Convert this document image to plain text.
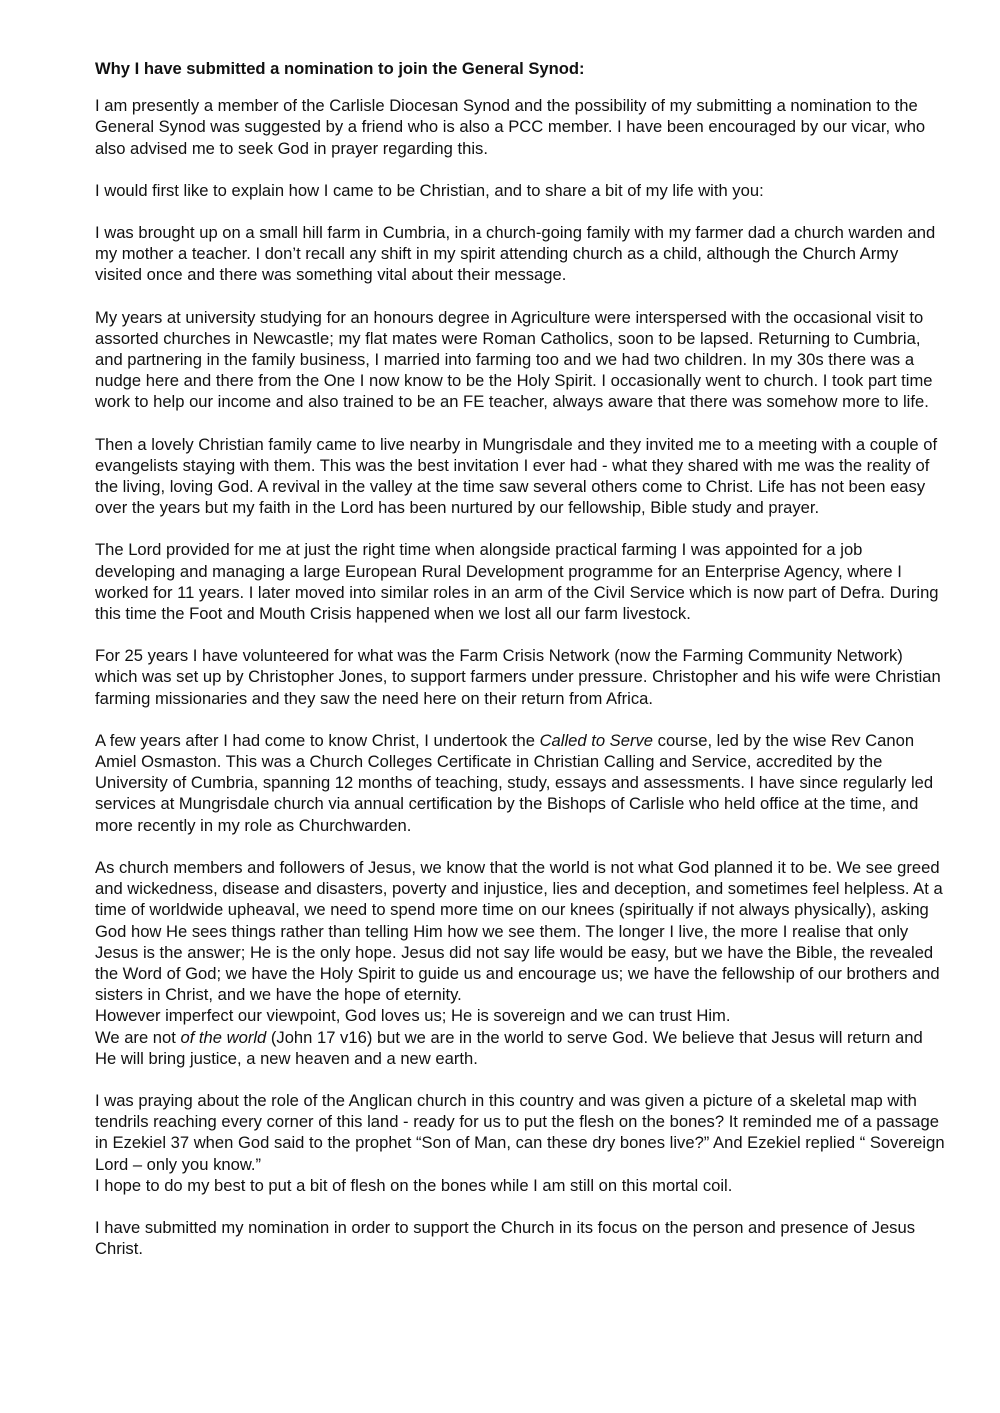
Why I have submitted a nomination to join the General Synod:

I am presently a member of the Carlisle Diocesan Synod and the possibility of my submitting a nomination to the General Synod was suggested by a friend who is also a PCC member. I have been encouraged by our vicar, who also advised me to seek God in prayer regarding this.

I would first like to explain how I came to be Christian, and to share a bit of my life with you:

I was brought up on a small hill farm in Cumbria, in a church-going family with my farmer dad a church warden and my mother a teacher. I don’t recall any shift in my spirit attending church as a child, although the Church Army visited once and there was something vital about their message.

My years at university studying for an honours degree in Agriculture were interspersed with the occasional visit to assorted churches in Newcastle; my flat mates were Roman Catholics, soon to be lapsed. Returning to Cumbria, and partnering in the family business, I married into farming too and we had two children. In my 30s there was a nudge here and there from the One I now know to be the Holy Spirit. I occasionally went to church. I took part time work to help our income and also trained to be an FE teacher, always aware that there was somehow more to life.

Then a lovely Christian family came to live nearby in Mungrisdale and they invited me to a meeting with a couple of evangelists staying with them. This was the best invitation I ever had - what they shared with me was the reality of the living, loving God. A revival in the valley at the time saw several others come to Christ. Life has not been easy over the years but my faith in the Lord has been nurtured by our fellowship, Bible study and prayer.

The Lord provided for me at just the right time when alongside practical farming I was appointed for a job developing and managing a large European Rural Development programme for an Enterprise Agency, where I worked for 11 years. I later moved into similar roles in an arm of the Civil Service which is now part of Defra. During this time the Foot and Mouth Crisis happened when we lost all our farm livestock.

For 25 years I have volunteered for what was the Farm Crisis Network (now the Farming Community Network) which was set up by Christopher Jones, to support farmers under pressure. Christopher and his wife were Christian farming missionaries and they saw the need here on their return from Africa.

A few years after I had come to know Christ, I undertook the Called to Serve course, led by the wise Rev Canon Amiel Osmaston. This was a Church Colleges Certificate in Christian Calling and Service, accredited by the University of Cumbria, spanning 12 months of teaching, study, essays and assessments. I have since regularly led services at Mungrisdale church via annual certification by the Bishops of Carlisle who held office at the time, and more recently in my role as Churchwarden.

As church members and followers of Jesus, we know that the world is not what God planned it to be. We see greed and wickedness, disease and disasters, poverty and injustice, lies and deception, and sometimes feel helpless. At a time of worldwide upheaval, we need to spend more time on our knees (spiritually if not always physically), asking God how He sees things rather than telling Him how we see them. The longer I live, the more I realise that only Jesus is the answer; He is the only hope. Jesus did not say life would be easy, but we have the Bible, the revealed the Word of God; we have the Holy Spirit to guide us and encourage us; we have the fellowship of our brothers and sisters in Christ, and we have the hope of eternity.

However imperfect our viewpoint, God loves us; He is sovereign and we can trust Him.

We are not of the world (John 17 v16) but we are in the world to serve God. We believe that Jesus will return and He will bring justice, a new heaven and a new earth.

I was praying about the role of the Anglican church in this country and was given a picture of a skeletal map with tendrils reaching every corner of this land - ready for us to put the flesh on the bones? It reminded me of a passage in Ezekiel 37 when God said to the prophet “Son of Man, can these dry bones live?” And Ezekiel replied “ Sovereign Lord – only you know.”

I hope to do my best to put a bit of flesh on the bones while I am still on this mortal coil.

I have submitted my nomination in order to support the Church in its focus on the person and presence of Jesus Christ.
